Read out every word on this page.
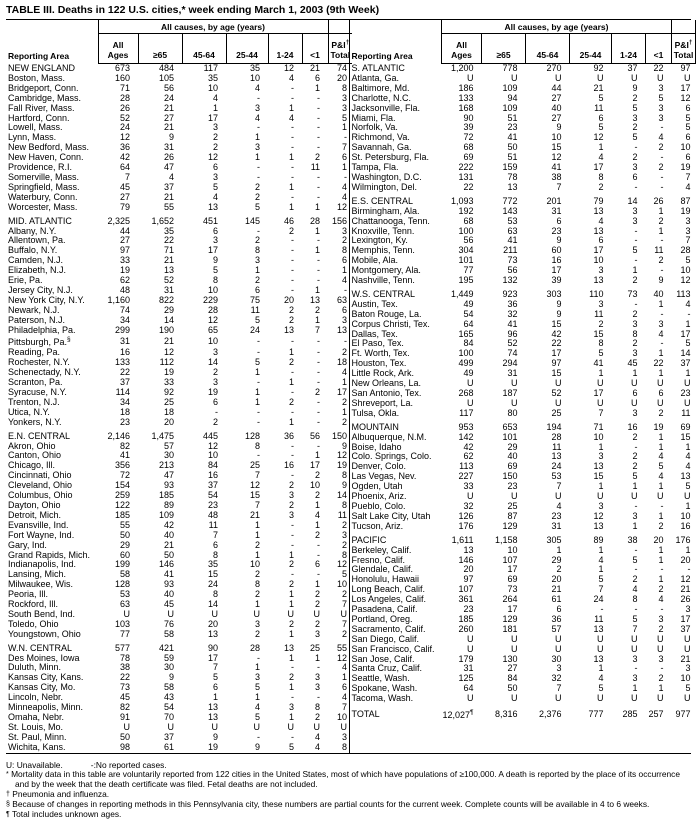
TABLE III. Deaths in 122 U.S. cities,* week ending March 1, 2003 (9th Week)
Reporting Area	All causes, by age (years)						
	All
Ages	≥65	45-64	25-44	1-24	<1	P&I†
Total
NEW ENGLAND	673	484	117	35	12	21	74
Boston, Mass.	160	105	35	10	4	6	20
Bridgeport, Conn.	71	56	10	4	-	1	8
Cambridge, Mass.	28	24	4	-	-	-	3
Fall River, Mass.	26	21	1	3	1	-	3
Hartford, Conn.	52	27	17	4	4	-	5
Lowell, Mass.	24	21	3	-	-	-	1
Lynn, Mass.	12	9	2	1	-	-	-
New Bedford, Mass.	36	31	2	3	-	-	7
New Haven, Conn.	42	26	12	1	1	2	6
Providence, R.I.	64	47	6	-	-	11	1
Somerville, Mass.	7	4	3	-	-	-	-
Springfield, Mass.	45	37	5	2	1	-	4
Waterbury, Conn.	27	21	4	2	-	-	4
Worcester, Mass.	79	55	13	5	1	1	12

MID. ATLANTIC	2,325	1,652	451	145	46	28	156
Albany, N.Y.	44	35	6	-	2	1	3
Allentown, Pa.	27	22	3	2	-	-	2
Buffalo, N.Y.	97	71	17	8	-	1	8
Camden, N.J.	33	21	9	3	-	-	6
Elizabeth, N.J.	19	13	5	1	-	-	1
Erie, Pa.	62	52	8	2	-	-	4
Jersey City, N.J.	48	31	10	6	-	1	-
New York City, N.Y.	1,160	822	229	75	20	13	63
Newark, N.J.	74	29	28	11	2	2	6
Paterson, N.J.	34	14	12	5	2	1	3
Philadelphia, Pa.	299	190	65	24	13	7	13
Pittsburgh, Pa.§	31	21	10	-	-	-	-
Reading, Pa.	16	12	3	-	1	-	2
Rochester, N.Y.	133	112	14	5	2	-	18
Schenectady, N.Y.	22	19	2	1	-	-	4
Scranton, Pa.	37	33	3	-	1	-	1
Syracuse, N.Y.	114	92	19	1	-	2	17
Trenton, N.J.	34	25	6	1	2	-	2
Utica, N.Y.	18	18	-	-	-	-	1
Yonkers, N.Y.	23	20	2	-	1	-	2

E.N. CENTRAL	2,146	1,475	445	128	36	56	150
Akron, Ohio	82	57	12	8	-	-	9
Canton, Ohio	41	30	10	-	-	1	12
Chicago, Ill.	356	213	84	25	16	17	19
Cincinnati, Ohio	72	47	16	7	-	2	8
Cleveland, Ohio	154	93	37	12	2	10	9
Columbus, Ohio	259	185	54	15	3	2	14
Dayton, Ohio	122	89	23	7	2	1	8
Detroit, Mich.	185	109	48	21	3	4	11
Evansville, Ind.	55	42	11	1	-	1	2
Fort Wayne, Ind.	50	40	7	1	-	2	3
Gary, Ind.	29	21	6	2	-	-	2
Grand Rapids, Mich.	60	50	8	1	1	-	8
Indianapolis, Ind.	199	146	35	10	2	6	12
Lansing, Mich.	58	41	15	2	-	-	5
Milwaukee, Wis.	128	93	24	8	2	1	10
Peoria, Ill.	53	40	8	2	1	2	2
Rockford, Ill.	63	45	14	1	1	2	7
South Bend, Ind.	U	U	U	U	U	U	U
Toledo, Ohio	103	76	20	3	2	2	7
Youngstown, Ohio	77	58	13	2	1	3	2

W.N. CENTRAL	577	421	90	28	13	25	55
Des Moines, Iowa	78	59	17	-	1	1	12
Duluth, Minn.	38	30	7	1	-	-	4
Kansas City, Kans.	22	9	5	3	2	3	1
Kansas City, Mo.	73	58	6	5	1	3	6
Lincoln, Nebr.	45	43	1	1	-	-	4
Minneapolis, Minn.	82	54	13	4	3	8	7
Omaha, Nebr.	91	70	13	5	1	2	10
St. Louis, Mo.	U	U	U	U	U	U	U
St. Paul, Minn.	50	37	9	-	-	4	3
Wichita, Kans.	98	61	19	9	5	4	8
Reporting Area	All causes, by age (years)						
	All
Ages	≥65	45-64	25-44	1-24	<1	P&I†
Total
S. ATLANTIC	1,200	778	270	92	37	22	97
Atlanta, Ga.	U	U	U	U	U	U	U
Baltimore, Md.	186	109	44	21	9	3	17
Charlotte, N.C.	133	94	27	5	2	5	12
Jacksonville, Fla.	168	109	40	11	5	3	6
Miami, Fla.	90	51	27	6	3	3	5
Norfolk, Va.	39	23	9	5	2	-	5
Richmond, Va.	72	41	10	12	5	4	6
Savannah, Ga.	68	50	15	1	-	2	10
St. Petersburg, Fla.	69	51	12	4	2	-	6
Tampa, Fla.	222	159	41	17	3	2	19
Washington, D.C.	131	78	38	8	6	-	7
Wilmington, Del.	22	13	7	2	-	-	4

E.S. CENTRAL	1,093	772	201	79	14	26	87
Birmingham, Ala.	192	143	31	13	3	1	19
Chattanooga, Tenn.	68	53	6	4	3	2	3
Knoxville, Tenn.	100	63	23	13	-	1	3
Lexington, Ky.	56	41	9	6	-	-	7
Memphis, Tenn.	304	211	60	17	5	11	28
Mobile, Ala.	101	73	16	10	-	2	5
Montgomery, Ala.	77	56	17	3	1	-	10
Nashville, Tenn.	195	132	39	13	2	9	12

W.S. CENTRAL	1,449	923	303	110	73	40	113
Austin, Tex.	49	36	9	3	-	1	4
Baton Rouge, La.	54	32	9	11	2	-	-
Corpus Christi, Tex.	64	41	15	2	3	3	1
Dallas, Tex.	165	96	42	15	8	4	17
El Paso, Tex.	84	52	22	8	2	-	5
Ft. Worth, Tex.	100	74	17	5	3	1	14
Houston, Tex.	499	294	97	41	45	22	37
Little Rock, Ark.	49	31	15	1	1	1	1
New Orleans, La.	U	U	U	U	U	U	U
San Antonio, Tex.	268	187	52	17	6	6	23
Shreveport, La.	U	U	U	U	U	U	U
Tulsa, Okla.	117	80	25	7	3	2	11

MOUNTAIN	953	653	194	71	16	19	69
Albuquerque, N.M.	142	101	28	10	2	1	15
Boise, Idaho	42	29	11	1	-	1	1
Colo. Springs, Colo.	62	40	13	3	2	4	4
Denver, Colo.	113	69	24	13	2	5	4
Las Vegas, Nev.	227	150	53	15	5	4	13
Ogden, Utah	33	23	7	1	1	1	5
Phoenix, Ariz.	U	U	U	U	U	U	U
Pueblo, Colo.	32	25	4	3	-	-	1
Salt Lake City, Utah	126	87	23	12	3	1	10
Tucson, Ariz.	176	129	31	13	1	2	16

PACIFIC	1,611	1,158	305	89	38	20	176
Berkeley, Calif.	13	10	1	1	-	1	1
Fresno, Calif.	146	107	29	4	5	1	20
Glendale, Calif.	20	17	2	1	-	-	-
Honolulu, Hawaii	97	69	20	5	2	1	12
Long Beach, Calif.	107	73	21	7	4	2	21
Los Angeles, Calif.	361	264	61	24	8	4	26
Pasadena, Calif.	23	17	6	-	-	-	3
Portland, Oreg.	185	129	36	11	5	3	17
Sacramento, Calif.	260	181	57	13	7	2	37
San Diego, Calif.	U	U	U	U	U	U	U
San Francisco, Calif.	U	U	U	U	U	U	U
San Jose, Calif.	179	130	30	13	3	3	21
Santa Cruz, Calif.	31	27	3	1	-	-	3
Seattle, Wash.	125	84	32	4	3	2	10
Spokane, Wash.	64	50	7	5	1	1	5
Tacoma, Wash.	U	U	U	U	U	U	U

TOTAL	12,027¶	8,316	2,376	777	285	257	977

U: Unavailable.	-:No reported cases.

* Mortality data in this table are voluntarily reported from 122 cities in the United States, most of which have populations of ≥100,000. A death is reported by the place of its occurrence and by the week that the death certificate was filed. Fetal deaths are not included.

† Pneumonia and influenza.

§ Because of changes in reporting methods in this Pennsylvania city, these numbers are partial counts for the current week. Complete counts will be available in 4 to 6 weeks.

¶ Total includes unknown ages.
